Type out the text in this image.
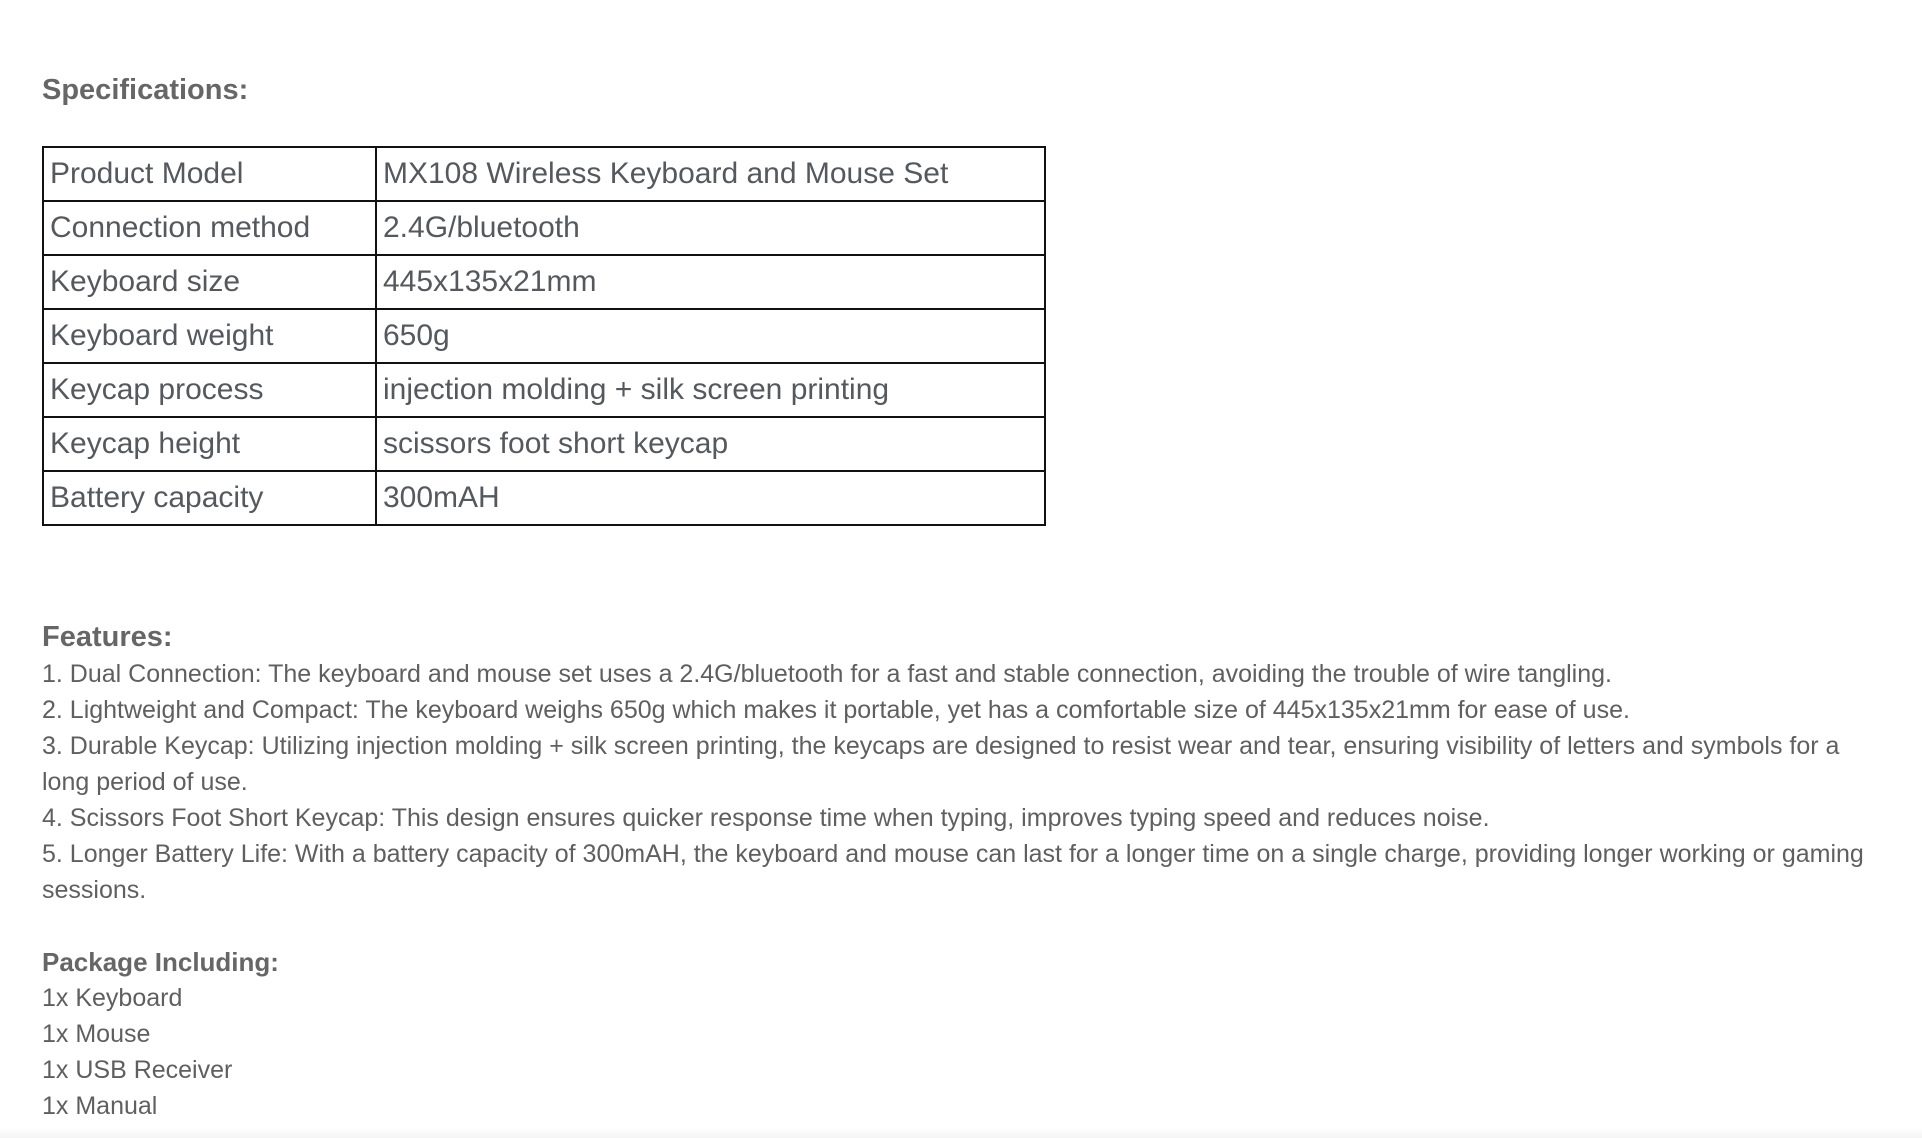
Specifications:
Product Model	MX108 Wireless Keyboard and Mouse Set
Connection method	2.4G/bluetooth
Keyboard size	445x135x21mm
Keyboard weight	650g
Keycap process	injection molding + silk screen printing
Keycap height	scissors foot short keycap
Battery capacity	300mAH
Features:

1. Dual Connection: The keyboard and mouse set uses a 2.4G/bluetooth for a fast and stable connection, avoiding the trouble of wire tangling.

2. Lightweight and Compact: The keyboard weighs 650g which makes it portable, yet has a comfortable size of 445x135x21mm for ease of use.

3. Durable Keycap: Utilizing injection molding + silk screen printing, the keycaps are designed to resist wear and tear, ensuring visibility of letters and symbols for a long period of use.

4. Scissors Foot Short Keycap: This design ensures quicker response time when typing, improves typing speed and reduces noise.

5. Longer Battery Life: With a battery capacity of 300mAH, the keyboard and mouse can last for a longer time on a single charge, providing longer working or gaming sessions.

Package Including:

1x Keyboard

1x Mouse

1x USB Receiver

1x Manual
